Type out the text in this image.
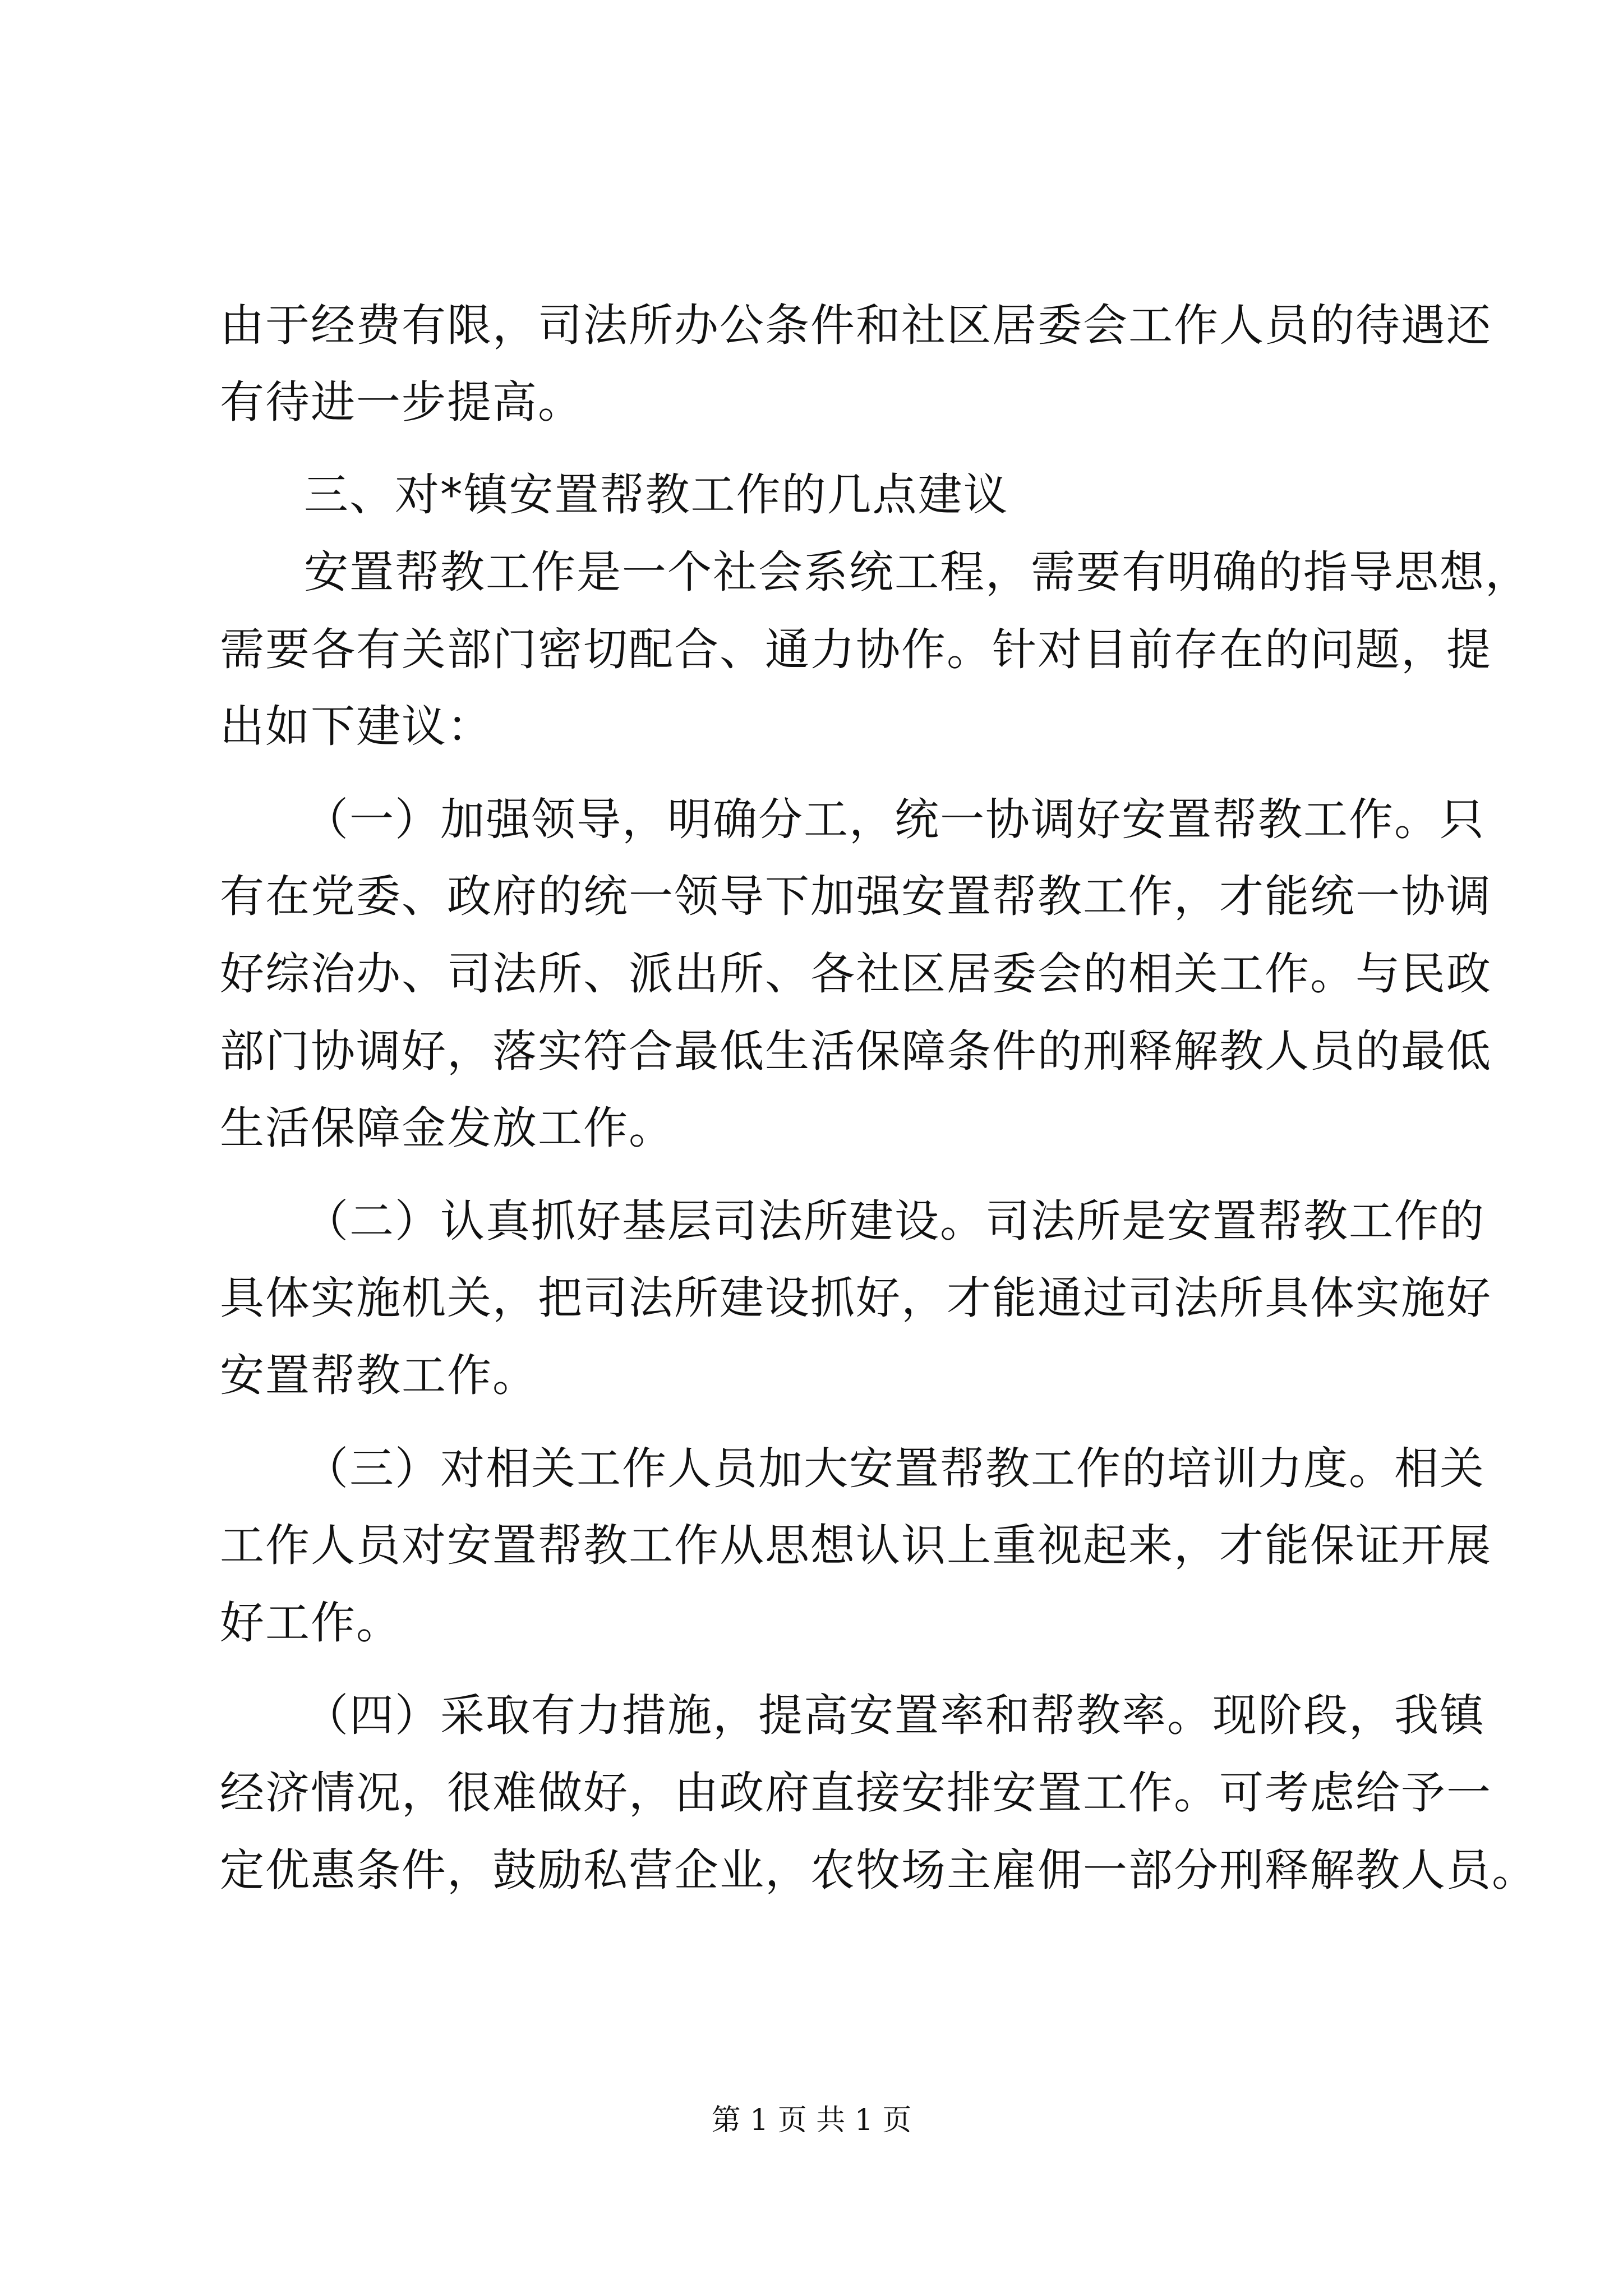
由于经费有限，司法所办公条件和社区居委会工作人员的待遇还
有待进一步提高。
三、对*镇安置帮教工作的几点建议
安置帮教工作是一个社会系统工程，需要有明确的指导思想，
需要各有关部门密切配合、通力协作。针对目前存在的问题，提
出如下建议：
（一）加强领导，明确分工，统一协调好安置帮教工作。只
有在党委、政府的统一领导下加强安置帮教工作，才能统一协调
好综治办、司法所、派出所、各社区居委会的相关工作。与民政
部门协调好，落实符合最低生活保障条件的刑释解教人员的最低
生活保障金发放工作。
（二）认真抓好基层司法所建设。司法所是安置帮教工作的
具体实施机关，把司法所建设抓好，才能通过司法所具体实施好
安置帮教工作。
（三）对相关工作人员加大安置帮教工作的培训力度。相关
工作人员对安置帮教工作从思想认识上重视起来，才能保证开展
好工作。
（四）采取有力措施，提高安置率和帮教率。现阶段，我镇
经济情况，很难做好，由政府直接安排安置工作。可考虑给予一
定优惠条件，鼓励私营企业，农牧场主雇佣一部分刑释解教人员。
第 1 页 共 1 页
